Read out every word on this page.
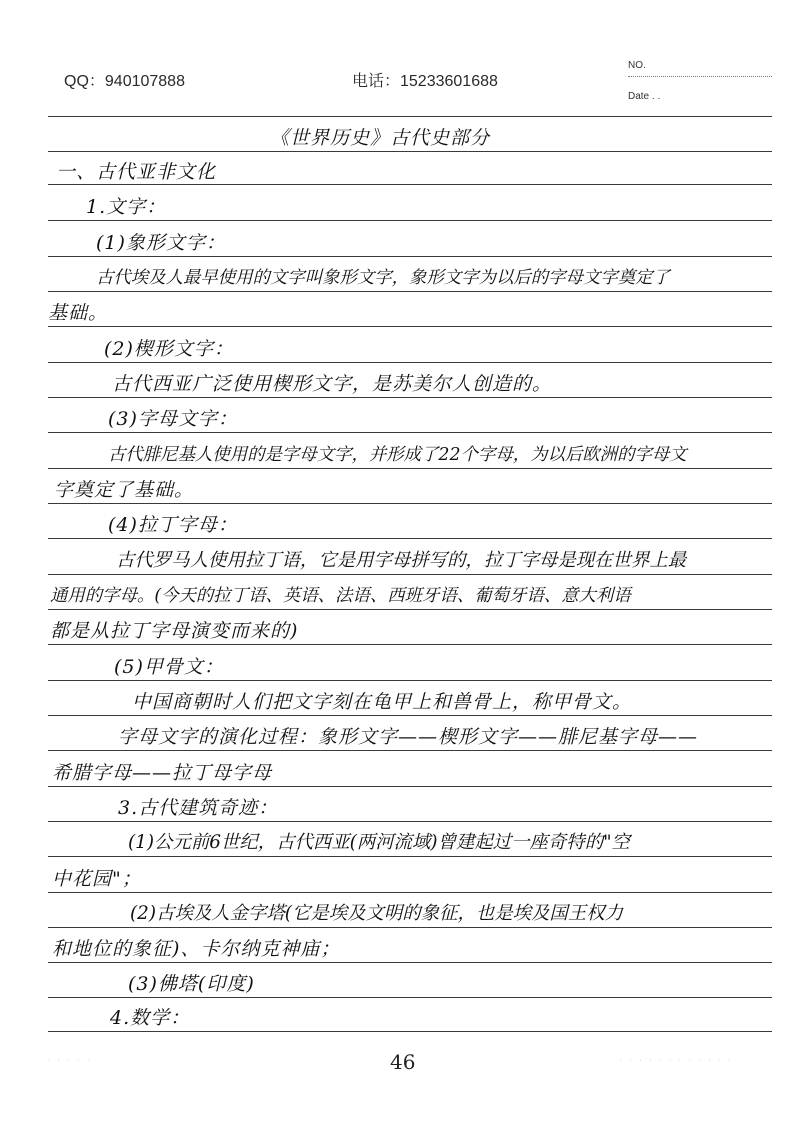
QQ：940107888	电话：15233601688
NO.
Date . .
《世界历史》古代史部分
一、古代亚非文化
1.文字：
(1)象形文字：
古代埃及人最早使用的文字叫象形文字，象形文字为以后的字母文字奠定了
基础。
(2)楔形文字：
古代西亚广泛使用楔形文字，是苏美尔人创造的。
(3)字母文字：
古代腓尼基人使用的是字母文字，并形成了22个字母，为以后欧洲的字母文
字奠定了基础。
(4)拉丁字母：
古代罗马人使用拉丁语，它是用字母拼写的，拉丁字母是现在世界上最
通用的字母。(今天的拉丁语、英语、法语、西班牙语、葡萄牙语、意大利语
都是从拉丁字母演变而来的)
(5)甲骨文：
中国商朝时人们把文字刻在龟甲上和兽骨上，称甲骨文。
字母文字的演化过程：象形文字——楔形文字——腓尼基字母——
希腊字母——拉丁母字母
3.古代建筑奇迹：
(1)公元前6世纪，古代西亚(两河流域)曾建起过一座奇特的"空
中花园"；
(2)古埃及人金字塔(它是埃及文明的象征，也是埃及国王权力
和地位的象征)、卡尔纳克神庙；
(3)佛塔(印度)
4.数学：
46
· · · · ·	· · · · · · · · · · · ·
